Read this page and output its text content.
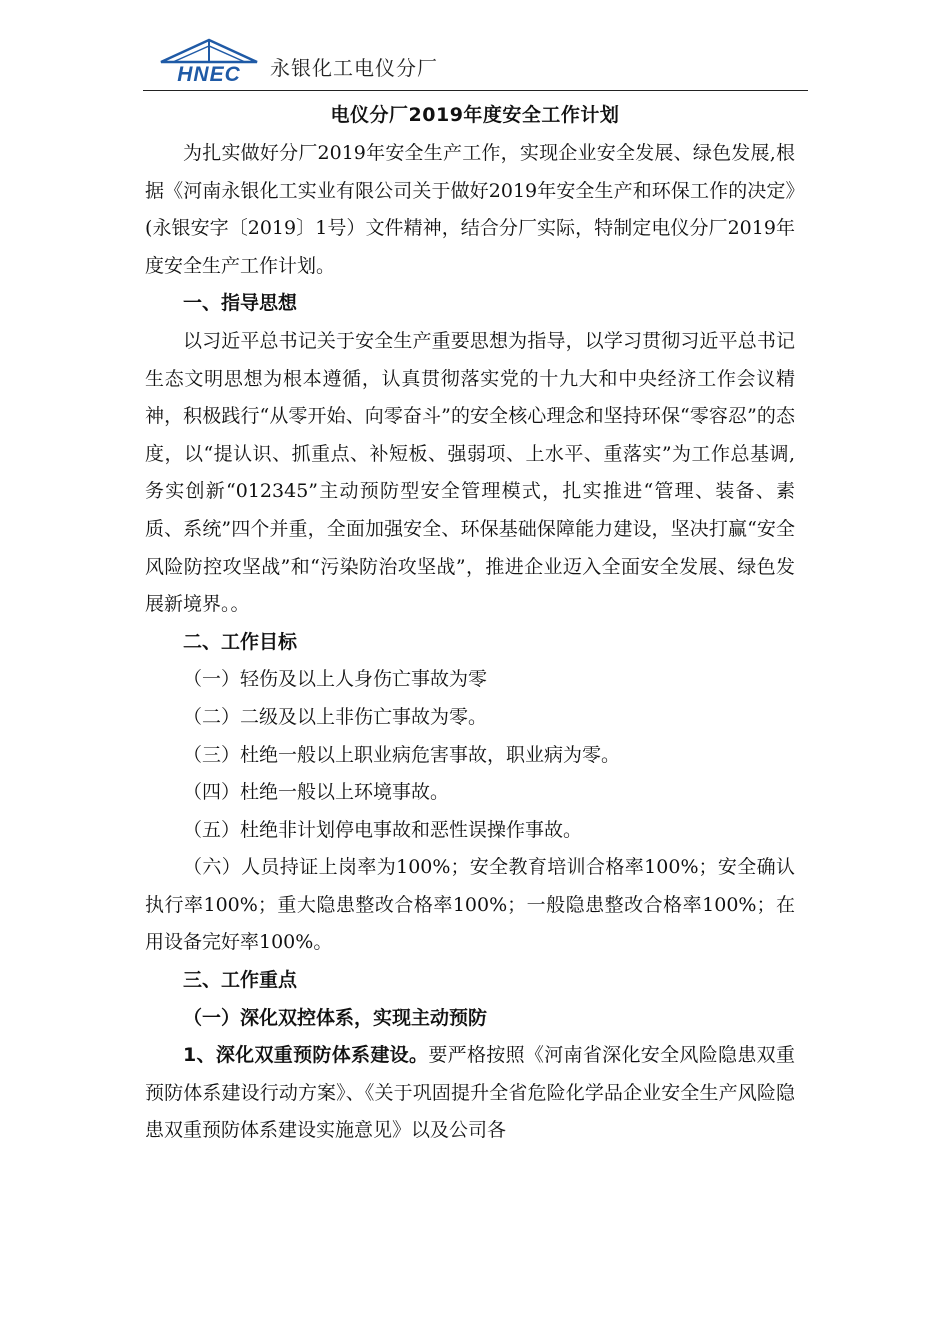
HNEC 永银化工电仪分厂
电仪分厂2019年度安全工作计划

为扎实做好分厂2019年安全生产工作，实现企业安全发展、绿色发展,根据《河南永银化工实业有限公司关于做好2019年安全生产和环保工作的决定》(永银安字〔2019〕1号）文件精神，结合分厂实际，特制定电仪分厂2019年度安全生产工作计划。

一、指导思想

以习近平总书记关于安全生产重要思想为指导，以学习贯彻习近平总书记生态文明思想为根本遵循，认真贯彻落实党的十九大和中央经济工作会议精神，积极践行“从零开始、向零奋斗”的安全核心理念和坚持环保“零容忍”的态度，以“提认识、抓重点、补短板、强弱项、上水平、重落实”为工作总基调,务实创新“012345”主动预防型安全管理模式，扎实推进“管理、装备、素质、系统”四个并重，全面加强安全、环保基础保障能力建设，坚决打赢“安全风险防控攻坚战”和“污染防治攻坚战”，推进企业迈入全面安全发展、绿色发展新境界。。

二、工作目标

（一）轻伤及以上人身伤亡事故为零

（二）二级及以上非伤亡事故为零。

（三）杜绝一般以上职业病危害事故，职业病为零。

（四）杜绝一般以上环境事故。

（五）杜绝非计划停电事故和恶性误操作事故。

（六）人员持证上岗率为100%；安全教育培训合格率100%；安全确认执行率100%；重大隐患整改合格率100%；一般隐患整改合格率100%；在用设备完好率100%。

三、工作重点

（一）深化双控体系，实现主动预防

1、深化双重预防体系建设。要严格按照《河南省深化安全风险隐患双重预防体系建设行动方案》、《关于巩固提升全省危险化学品企业安全生产风险隐患双重预防体系建设实施意见》以及公司各
